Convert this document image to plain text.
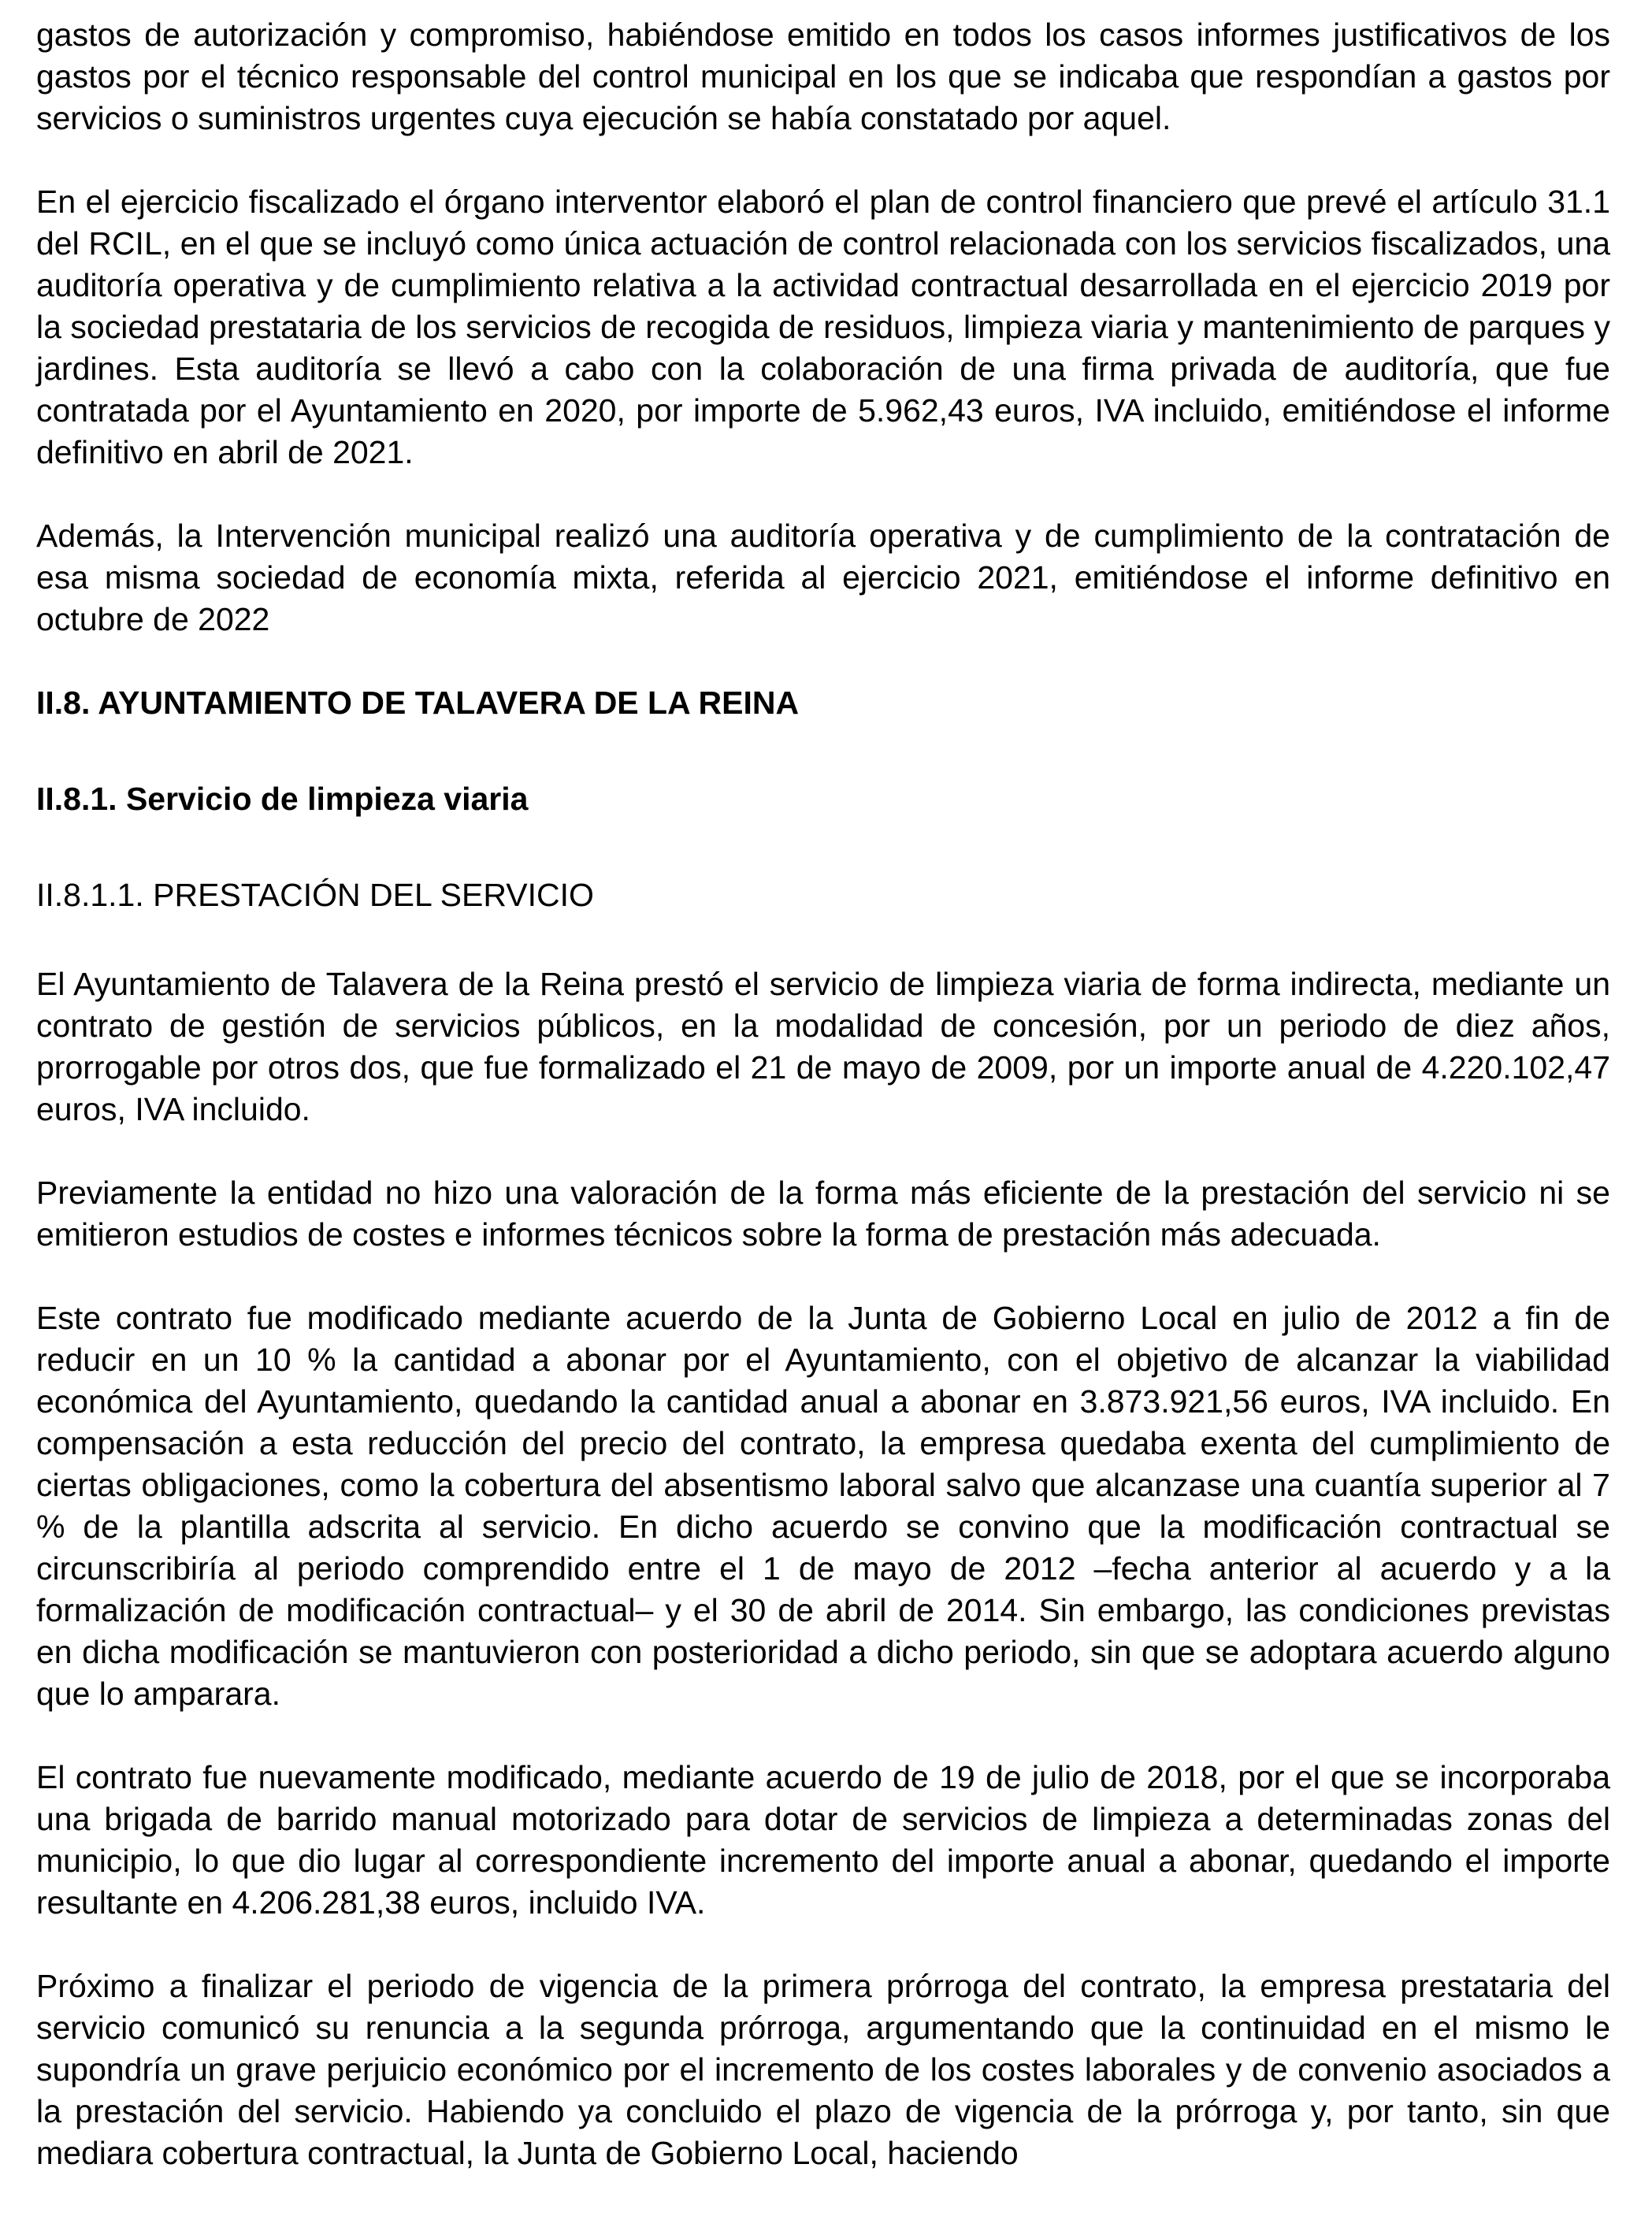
gastos de autorización y compromiso, habiéndose emitido en todos los casos informes justificativos de los gastos por el técnico responsable del control municipal en los que se indicaba que respondían a gastos por servicios o suministros urgentes cuya ejecución se había constatado por aquel.

En el ejercicio fiscalizado el órgano interventor elaboró el plan de control financiero que prevé el artículo 31.1 del RCIL, en el que se incluyó como única actuación de control relacionada con los servicios fiscalizados, una auditoría operativa y de cumplimiento relativa a la actividad contractual desarrollada en el ejercicio 2019 por la sociedad prestataria de los servicios de recogida de residuos, limpieza viaria y mantenimiento de parques y jardines. Esta auditoría se llevó a cabo con la colaboración de una firma privada de auditoría, que fue contratada por el Ayuntamiento en 2020, por importe de 5.962,43 euros, IVA incluido, emitiéndose el informe definitivo en abril de 2021.

Además, la Intervención municipal realizó una auditoría operativa y de cumplimiento de la contratación de esa misma sociedad de economía mixta, referida al ejercicio 2021, emitiéndose el informe definitivo en octubre de 2022

II.8. AYUNTAMIENTO DE TALAVERA DE LA REINA
II.8.1. Servicio de limpieza viaria
II.8.1.1. PRESTACIÓN DEL SERVICIO

El Ayuntamiento de Talavera de la Reina prestó el servicio de limpieza viaria de forma indirecta, mediante un contrato de gestión de servicios públicos, en la modalidad de concesión, por un periodo de diez años, prorrogable por otros dos, que fue formalizado el 21 de mayo de 2009, por un importe anual de 4.220.102,47 euros, IVA incluido.

Previamente la entidad no hizo una valoración de la forma más eficiente de la prestación del servicio ni se emitieron estudios de costes e informes técnicos sobre la forma de prestación más adecuada.

Este contrato fue modificado mediante acuerdo de la Junta de Gobierno Local en julio de 2012 a fin de reducir en un 10 % la cantidad a abonar por el Ayuntamiento, con el objetivo de alcanzar la viabilidad económica del Ayuntamiento, quedando la cantidad anual a abonar en 3.873.921,56 euros, IVA incluido. En compensación a esta reducción del precio del contrato, la empresa quedaba exenta del cumplimiento de ciertas obligaciones, como la cobertura del absentismo laboral salvo que alcanzase una cuantía superior al 7 % de la plantilla adscrita al servicio. En dicho acuerdo se convino que la modificación contractual se circunscribiría al periodo comprendido entre el 1 de mayo de 2012 –fecha anterior al acuerdo y a la formalización de modificación contractual– y el 30 de abril de 2014. Sin embargo, las condiciones previstas en dicha modificación se mantuvieron con posterioridad a dicho periodo, sin que se adoptara acuerdo alguno que lo amparara.

El contrato fue nuevamente modificado, mediante acuerdo de 19 de julio de 2018, por el que se incorporaba una brigada de barrido manual motorizado para dotar de servicios de limpieza a determinadas zonas del municipio, lo que dio lugar al correspondiente incremento del importe anual a abonar, quedando el importe resultante en 4.206.281,38 euros, incluido IVA.

Próximo a finalizar el periodo de vigencia de la primera prórroga del contrato, la empresa prestataria del servicio comunicó su renuncia a la segunda prórroga, argumentando que la continuidad en el mismo le supondría un grave perjuicio económico por el incremento de los costes laborales y de convenio asociados a la prestación del servicio. Habiendo ya concluido el plazo de vigencia de la prórroga y, por tanto, sin que mediara cobertura contractual, la Junta de Gobierno Local, haciendo
